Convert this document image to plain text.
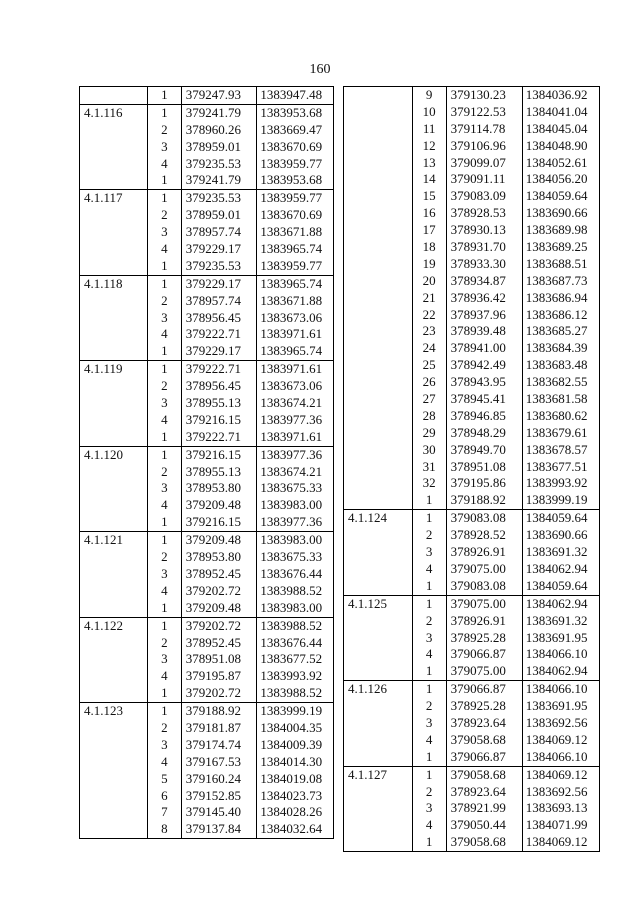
160
1	379247.93	1383947.48
4.1.116	1	379241.79	1383953.68
2	378960.26	1383669.47
3	378959.01	1383670.69
4	379235.53	1383959.77
1	379241.79	1383953.68
4.1.117	1	379235.53	1383959.77
2	378959.01	1383670.69
3	378957.74	1383671.88
4	379229.17	1383965.74
1	379235.53	1383959.77
4.1.118	1	379229.17	1383965.74
2	378957.74	1383671.88
3	378956.45	1383673.06
4	379222.71	1383971.61
1	379229.17	1383965.74
4.1.119	1	379222.71	1383971.61
2	378956.45	1383673.06
3	378955.13	1383674.21
4	379216.15	1383977.36
1	379222.71	1383971.61
4.1.120	1	379216.15	1383977.36
2	378955.13	1383674.21
3	378953.80	1383675.33
4	379209.48	1383983.00
1	379216.15	1383977.36
4.1.121	1	379209.48	1383983.00
2	378953.80	1383675.33
3	378952.45	1383676.44
4	379202.72	1383988.52
1	379209.48	1383983.00
4.1.122	1	379202.72	1383988.52
2	378952.45	1383676.44
3	378951.08	1383677.52
4	379195.87	1383993.92
1	379202.72	1383988.52
4.1.123	1	379188.92	1383999.19
2	379181.87	1384004.35
3	379174.74	1384009.39
4	379167.53	1384014.30
5	379160.24	1384019.08
6	379152.85	1384023.73
7	379145.40	1384028.26
8	379137.84	1384032.64
9	379130.23	1384036.92
10	379122.53	1384041.04
11	379114.78	1384045.04
12	379106.96	1384048.90
13	379099.07	1384052.61
14	379091.11	1384056.20
15	379083.09	1384059.64
16	378928.53	1383690.66
17	378930.13	1383689.98
18	378931.70	1383689.25
19	378933.30	1383688.51
20	378934.87	1383687.73
21	378936.42	1383686.94
22	378937.96	1383686.12
23	378939.48	1383685.27
24	378941.00	1383684.39
25	378942.49	1383683.48
26	378943.95	1383682.55
27	378945.41	1383681.58
28	378946.85	1383680.62
29	378948.29	1383679.61
30	378949.70	1383678.57
31	378951.08	1383677.51
32	379195.86	1383993.92
1	379188.92	1383999.19
4.1.124	1	379083.08	1384059.64
2	378928.52	1383690.66
3	378926.91	1383691.32
4	379075.00	1384062.94
1	379083.08	1384059.64
4.1.125	1	379075.00	1384062.94
2	378926.91	1383691.32
3	378925.28	1383691.95
4	379066.87	1384066.10
1	379075.00	1384062.94
4.1.126	1	379066.87	1384066.10
2	378925.28	1383691.95
3	378923.64	1383692.56
4	379058.68	1384069.12
1	379066.87	1384066.10
4.1.127	1	379058.68	1384069.12
2	378923.64	1383692.56
3	378921.99	1383693.13
4	379050.44	1384071.99
1	379058.68	1384069.12
